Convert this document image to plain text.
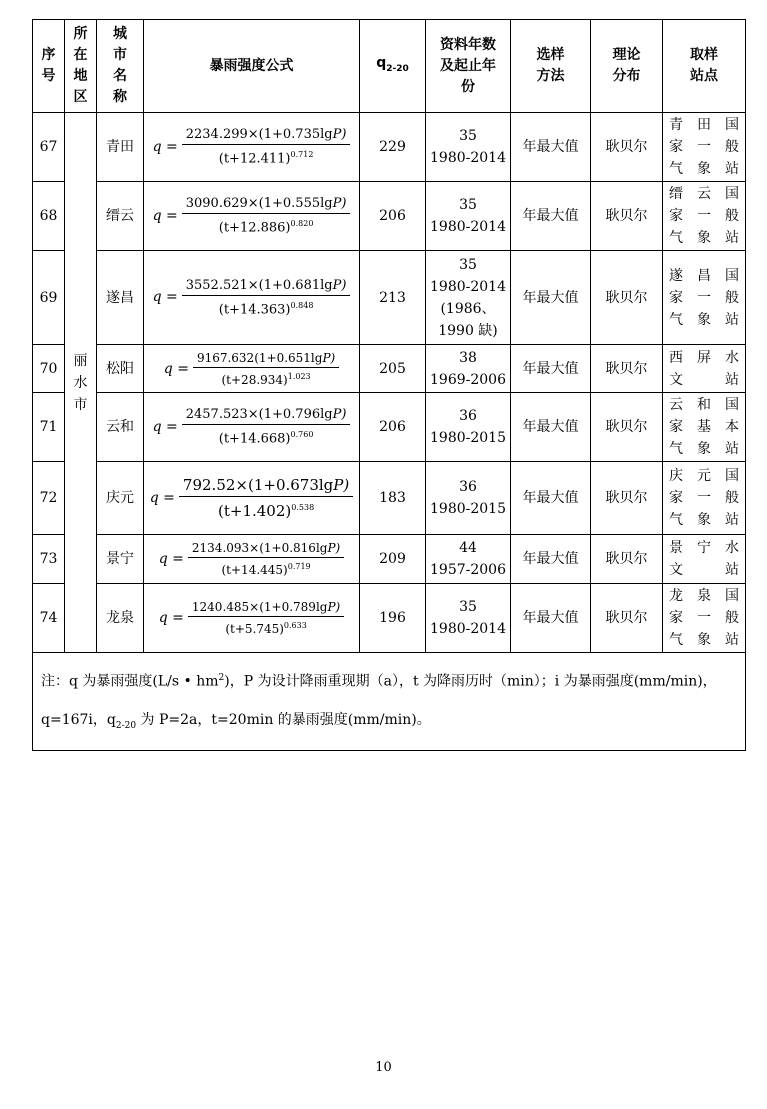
序
号	所
在
地
区	城
市
名
称	暴雨强度公式	$q_{2-20}$	资料年数
及起止年
份	选样
方法	理论
分布	取样
站点

67	丽
水
市	青田	$q = \frac{2234.299\times(1+0.735\lg P)}{(t+12.411)^{0.712}}$	229	35
1980-2014	年最大值	耿贝尔	青 田 国
家 一 般
气象站

68		缙云	$q = \frac{3090.629\times(1+0.555\lg P)}{(t+12.886)^{0.820}}$	206	35
1980-2014	年最大值	耿贝尔	缙 云 国
家 一 般
气象站

69		遂昌	$q = \frac{3552.521\times(1+0.681\lg P)}{(t+14.363)^{0.848}}$	213	35
1980-2014
(1986、
1990 缺)	年最大值	耿贝尔	遂 昌 国
家 一 般
气象站

70		松阳	$q = \frac{9167.632(1+0.651\lg P)}{(t+28.934)^{1.023}}$	205	38
1969-2006	年最大值	耿贝尔	西 屏 水
文站

71		云和	$q = \frac{2457.523\times(1+0.796\lg P)}{(t+14.668)^{0.760}}$	206	36
1980-2015	年最大值	耿贝尔	云 和 国
家 基 本
气象站

72		庆元	$q = \frac{792.52\times(1+0.673\lg P)}{(t+1.402)^{0.538}}$	183	36
1980-2015	年最大值	耿贝尔	庆 元 国
家 一 般
气象站

73		景宁	$q = \frac{2134.093\times(1+0.816\lg P)}{(t+14.445)^{0.719}}$	209	44
1957-2006	年最大值	耿贝尔	景 宁 水
文站

74		龙泉	$q = \frac{1240.485\times(1+0.789\lg P)}{(t+5.745)^{0.633}}$	196	35
1980-2014	年最大值	耿贝尔	龙 泉 国
家 一 般
气象站

注：q 为暴雨强度(L/s • $hm^2$)，P 为设计降雨重现期（a），t 为降雨历时（min）；i 为暴雨强度(mm/min)，
q=167i，$q_{2-20}$ 为 P=2a，t=20min 的暴雨强度(mm/min)。								
10
